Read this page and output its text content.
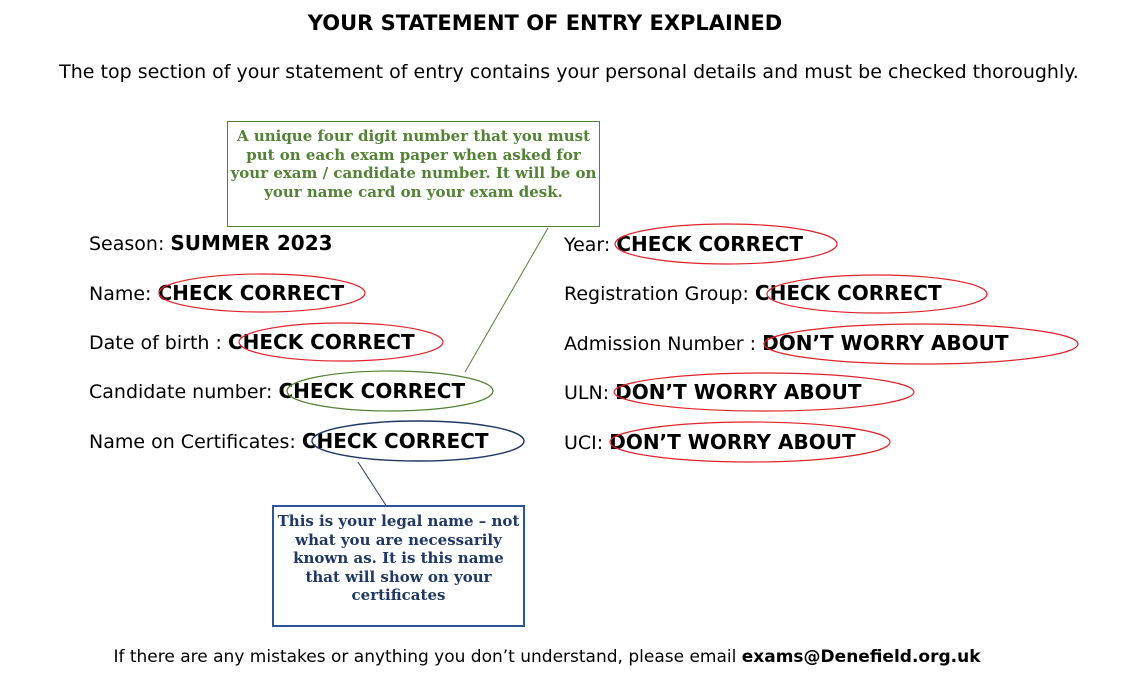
YOUR STATEMENT OF ENTRY EXPLAINED
The top section of your statement of entry contains your personal details and must be checked thoroughly.
Season: SUMMER 2023
Name: CHECK CORRECT
Date of birth : CHECK CORRECT
Candidate number: CHECK CORRECT
Name on Certificates: CHECK CORRECT
Year: CHECK CORRECT
Registration Group: CHECK CORRECT
Admission Number : DON’T WORRY ABOUT
ULN: DON’T WORRY ABOUT
UCI: DON’T WORRY ABOUT
A unique four digit number that you must put on each exam paper when asked for your exam / candidate number. It will be on your name card on your exam desk.
This is your legal name – not what you are necessarily known as. It is this name that will show on your certificates
If there are any mistakes or anything you don’t understand, please email exams@Denefield.org.uk
